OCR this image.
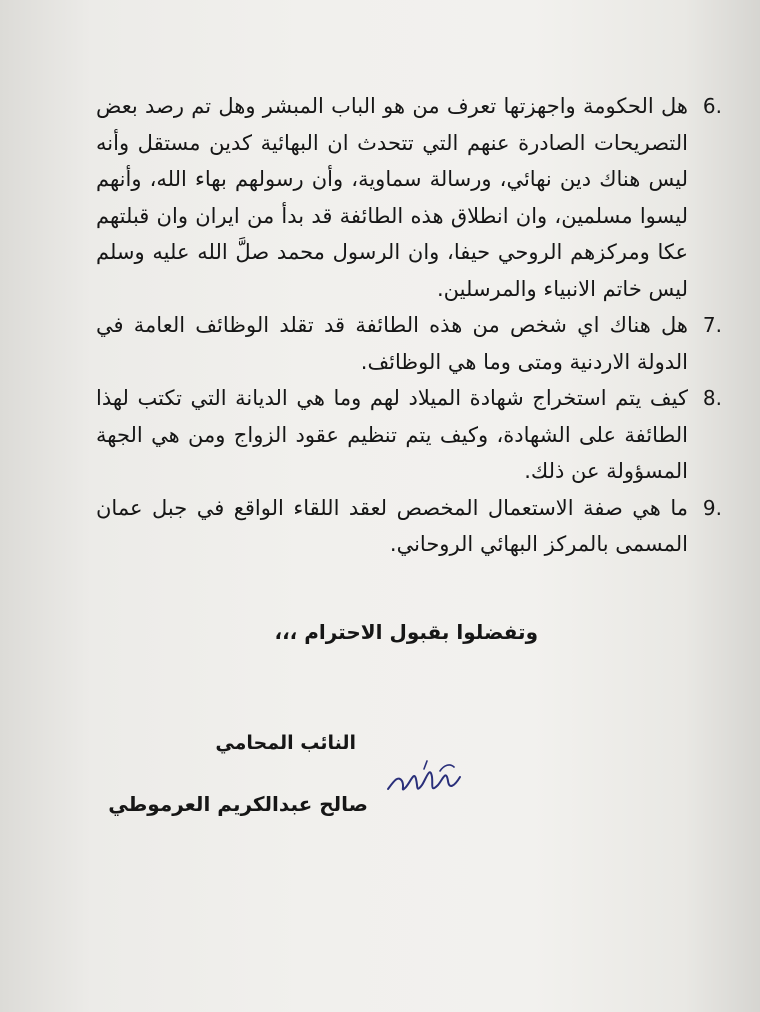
6.
هل الحكومة واجهزتها تعرف من هو الباب المبشر وهل تم رصد بعض التصريحات الصادرة عنهم التي تتحدث ان البهائية كدين مستقل وأنه ليس هناك دين نهائي، ورسالة سماوية، وأن رسولهم بهاء الله، وأنهم ليسوا مسلمين، وان انطلاق هذه الطائفة قد بدأ من ايران وان قبلتهم عكا ومركزهم الروحي حيفا، وان الرسول محمد صلَّ الله عليه وسلم ليس خاتم الانبياء والمرسلين.
7.
هل هناك اي شخص من هذه الطائفة قد تقلد الوظائف العامة في الدولة الاردنية ومتى وما هي الوظائف.
8.
كيف يتم استخراج شهادة الميلاد لهم وما هي الديانة التي تكتب لهذا الطائفة على الشهادة، وكيف يتم تنظيم عقود الزواج ومن هي الجهة المسؤولة عن ذلك.
9.
ما هي صفة الاستعمال المخصص لعقد اللقاء الواقع في جبل عمان المسمى بالمركز البهائي الروحاني.
وتفضلوا بقبول الاحترام ،،،
النائب المحامي
صالح عبدالكريم العرموطي
